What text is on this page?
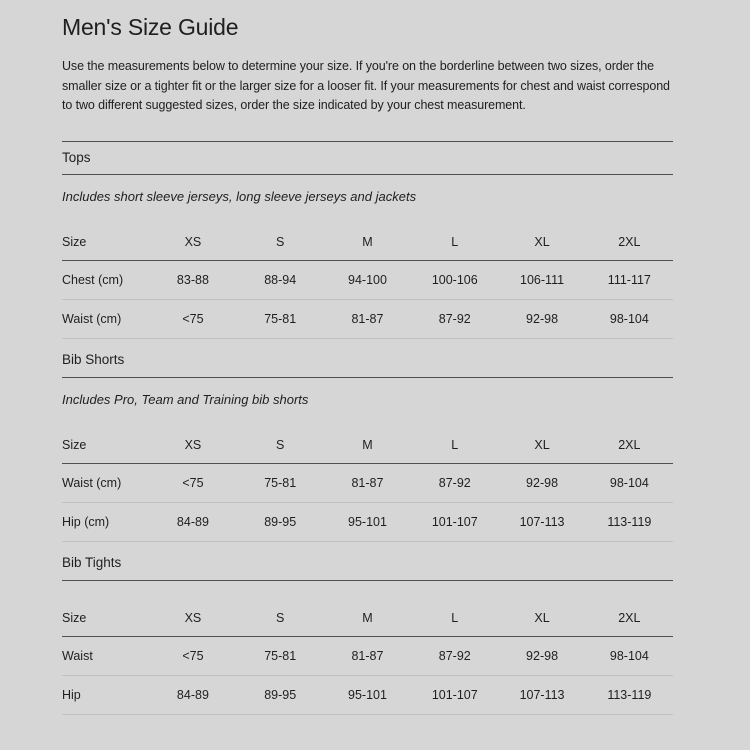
Men's Size Guide

Use the measurements below to determine your size. If you're on the borderline between two sizes, order the smaller size or a tighter fit or the larger size for a looser fit. If your measurements for chest and waist correspond to two different suggested sizes, order the size indicated by your chest measurement.

Tops

Includes short sleeve jerseys, long sleeve jerseys and jackets

Size	XS	S	M	L	XL	2XL
Chest (cm)	83-88	88-94	94-100	100-106	106-111	111-117
Waist (cm)	<75	75-81	81-87	87-92	92-98	98-104
Bib Shorts

Includes Pro, Team and Training bib shorts

Size	XS	S	M	L	XL	2XL
Waist (cm)	<75	75-81	81-87	87-92	92-98	98-104
Hip (cm)	84-89	89-95	95-101	101-107	107-113	113-119
Bib Tights
Size	XS	S	M	L	XL	2XL
Waist	<75	75-81	81-87	87-92	92-98	98-104
Hip	84-89	89-95	95-101	101-107	107-113	113-119
